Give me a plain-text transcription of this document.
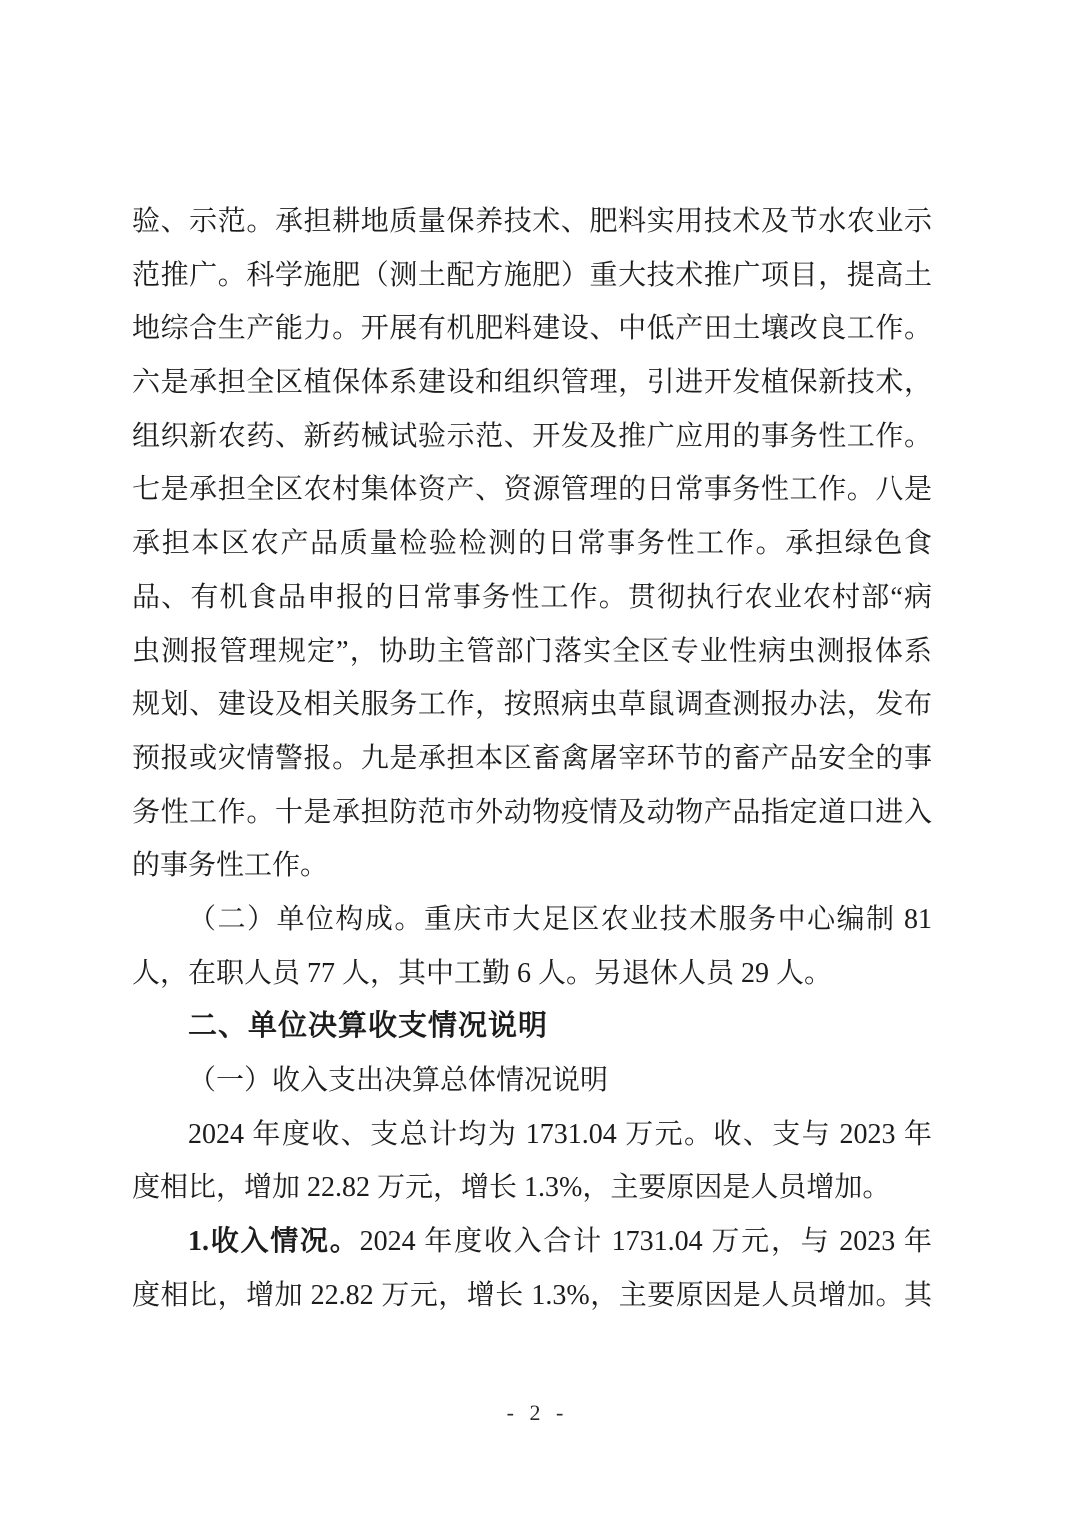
验、示范。承担耕地质量保养技术、肥料实用技术及节水农业示
范推广。科学施肥（测土配方施肥）重大技术推广项目，提高土
地综合生产能力。开展有机肥料建设、中低产田土壤改良工作。
六是承担全区植保体系建设和组织管理，引进开发植保新技术，
组织新农药、新药械试验示范、开发及推广应用的事务性工作。
七是承担全区农村集体资产、资源管理的日常事务性工作。八是
承担本区农产品质量检验检测的日常事务性工作。承担绿色食
品、有机食品申报的日常事务性工作。贯彻执行农业农村部“病
虫测报管理规定”，协助主管部门落实全区专业性病虫测报体系
规划、建设及相关服务工作，按照病虫草鼠调查测报办法，发布
预报或灾情警报。九是承担本区畜禽屠宰环节的畜产品安全的事
务性工作。十是承担防范市外动物疫情及动物产品指定道口进入
的事务性工作。
（二）单位构成。重庆市大足区农业技术服务中心编制 81
人，在职人员 77 人，其中工勤 6 人。另退休人员 29 人。
二、单位决算收支情况说明
（一）收入支出决算总体情况说明
2024 年度收、支总计均为 1731.04 万元。收、支与 2023 年
度相比，增加 22.82 万元，增长 1.3%，主要原因是人员增加。
1.收入情况。2024 年度收入合计 1731.04 万元，与 2023 年
度相比，增加 22.82 万元，增长 1.3%，主要原因是人员增加。其
- 2 -
